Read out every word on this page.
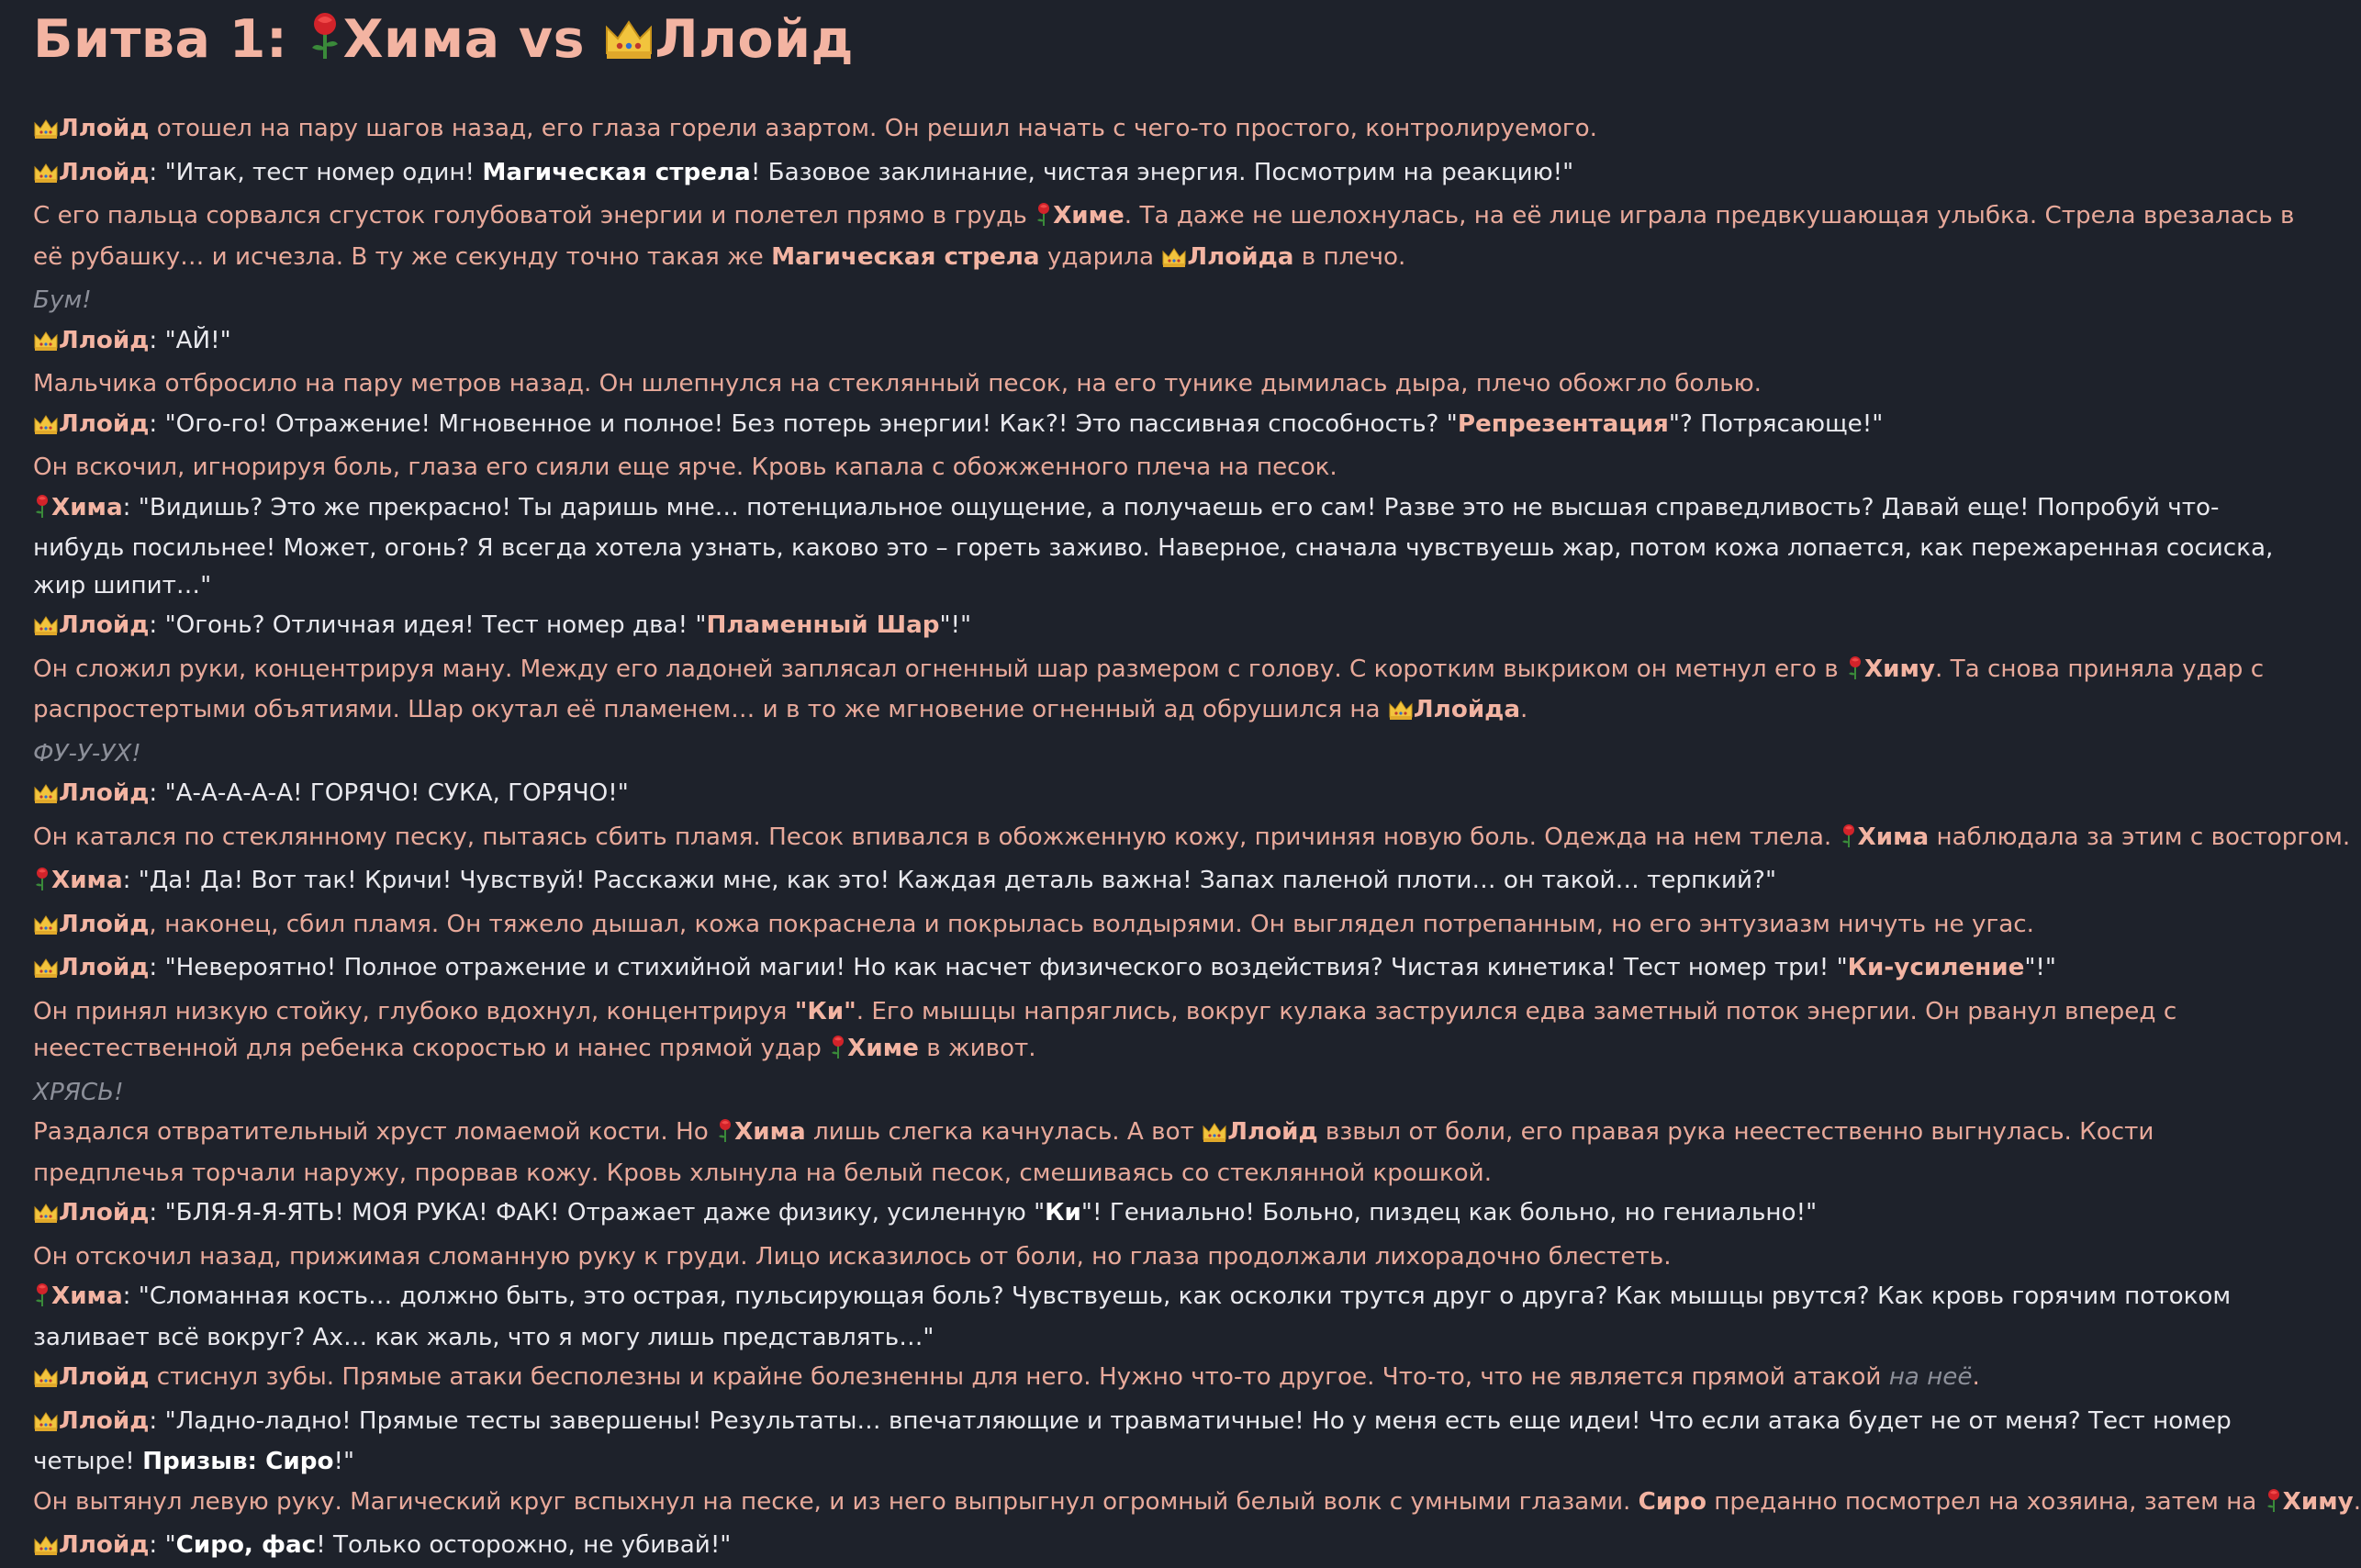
Битва 1: Хима vs Ллойд

Ллойд отошел на пару шагов назад, его глаза горели азартом. Он решил начать с чего-то простого, контролируемого.

Ллойд: "Итак, тест номер один! Магическая стрела! Базовое заклинание, чистая энергия. Посмотрим на реакцию!"

С его пальца сорвался сгусток голубоватой энергии и полетел прямо в грудь Химе. Та даже не шелохнулась, на её лице играла предвкушающая улыбка. Стрела врезалась в её рубашку… и исчезла. В ту же секунду точно такая же Магическая стрела ударила Ллойда в плечо.

Бум!

Ллойд: "АЙ!"

Мальчика отбросило на пару метров назад. Он шлепнулся на стеклянный песок, на его тунике дымилась дыра, плечо обожгло болью.

Ллойд: "Ого-го! Отражение! Мгновенное и полное! Без потерь энергии! Как?! Это пассивная способность? "Репрезентация"? Потрясающе!"

Он вскочил, игнорируя боль, глаза его сияли еще ярче. Кровь капала с обожженного плеча на песок.

Хима: "Видишь? Это же прекрасно! Ты даришь мне… потенциальное ощущение, а получаешь его сам! Разве это не высшая справедливость? Давай еще! Попробуй что-нибудь посильнее! Может, огонь? Я всегда хотела узнать, каково это – гореть заживо. Наверное, сначала чувствуешь жар, потом кожа лопается, как пережаренная сосиска, жир шипит…"

Ллойд: "Огонь? Отличная идея! Тест номер два! "Пламенный Шар"!"

Он сложил руки, концентрируя ману. Между его ладоней заплясал огненный шар размером с голову. С коротким выкриком он метнул его в Химу. Та снова приняла удар с распростертыми объятиями. Шар окутал её пламенем… и в то же мгновение огненный ад обрушился на Ллойда.

ФУ-У-УХ!

Ллойд: "А-А-А-А-А! ГОРЯЧО! СУКА, ГОРЯЧО!"

Он катался по стеклянному песку, пытаясь сбить пламя. Песок впивался в обожженную кожу, причиняя новую боль. Одежда на нем тлела. Хима наблюдала за этим с восторгом.

Хима: "Да! Да! Вот так! Кричи! Чувствуй! Расскажи мне, как это! Каждая деталь важна! Запах паленой плоти… он такой… терпкий?"

Ллойд, наконец, сбил пламя. Он тяжело дышал, кожа покраснела и покрылась волдырями. Он выглядел потрепанным, но его энтузиазм ничуть не угас.

Ллойд: "Невероятно! Полное отражение и стихийной магии! Но как насчет физического воздействия? Чистая кинетика! Тест номер три! "Ки-усиление"!"

Он принял низкую стойку, глубоко вдохнул, концентрируя "Ки". Его мышцы напряглись, вокруг кулака заструился едва заметный поток энергии. Он рванул вперед с неестественной для ребенка скоростью и нанес прямой удар Химе в живот.

ХРЯСЬ!

Раздался отвратительный хруст ломаемой кости. Но Хима лишь слегка качнулась. А вот Ллойд взвыл от боли, его правая рука неестественно выгнулась. Кости предплечья торчали наружу, прорвав кожу. Кровь хлынула на белый песок, смешиваясь со стеклянной крошкой.

Ллойд: "БЛЯ-Я-Я-ЯТЬ! МОЯ РУКА! ФАК! Отражает даже физику, усиленную "Ки"! Гениально! Больно, пиздец как больно, но гениально!"

Он отскочил назад, прижимая сломанную руку к груди. Лицо исказилось от боли, но глаза продолжали лихорадочно блестеть.

Хима: "Сломанная кость… должно быть, это острая, пульсирующая боль? Чувствуешь, как осколки трутся друг о друга? Как мышцы рвутся? Как кровь горячим потоком заливает всё вокруг? Ах… как жаль, что я могу лишь представлять…"

Ллойд стиснул зубы. Прямые атаки бесполезны и крайне болезненны для него. Нужно что-то другое. Что-то, что не является прямой атакой на неё.

Ллойд: "Ладно-ладно! Прямые тесты завершены! Результаты… впечатляющие и травматичные! Но у меня есть еще идеи! Что если атака будет не от меня? Тест номер четыре! Призыв: Сиро!"

Он вытянул левую руку. Магический круг вспыхнул на песке, и из него выпрыгнул огромный белый волк с умными глазами. Сиро преданно посмотрел на хозяина, затем на Химу.

Ллойд: "Сиро, фас! Только осторожно, не убивай!"
